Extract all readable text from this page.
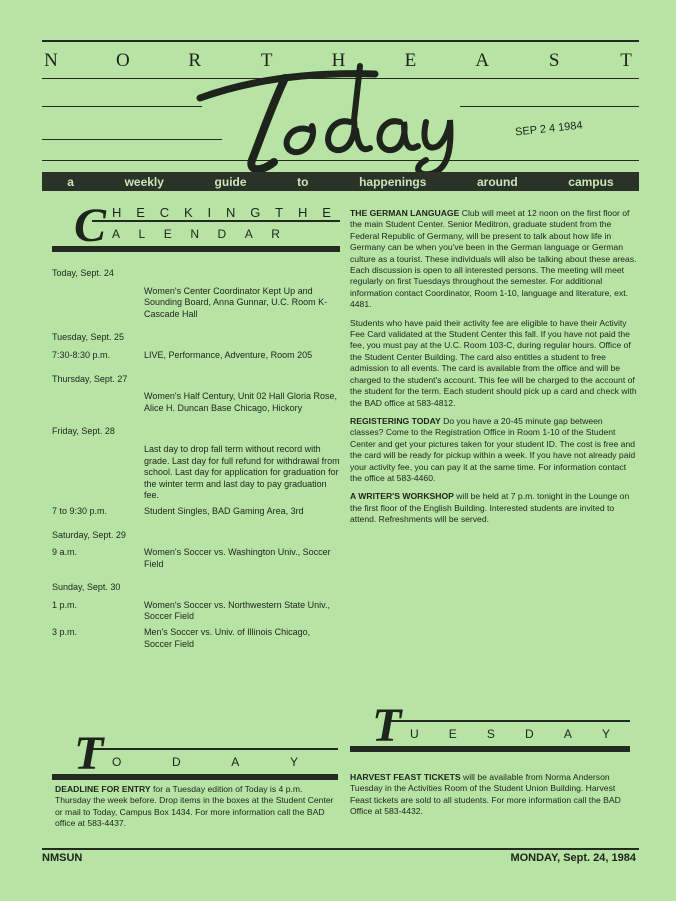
N	O	R	T	H	E	A	S	T
SEP 2 4 1984
a	weekly	guide	to	happenings	around	campus
C H E C K I N G T H E
A L E N D A R
Today, Sept. 24
Women's Center Coordinator Kept Up and Sounding Board, Anna Gunnar, U.C. Room K-Cascade Hall
Tuesday, Sept. 25
7:30-8:30 p.m.	LIVE, Performance, Adventure, Room 205
Thursday, Sept. 27
Women's Half Century, Unit 02 Hall Gloria Rose, Alice H. Duncan Base Chicago, Hickory
Friday, Sept. 28
Last day to drop fall term without record with grade. Last day for full refund for withdrawal from school. Last day for application for graduation for the winter term and last day to pay graduation fee.
7 to 9:30 p.m.	Student Singles, BAD Gaming Area, 3rd
Saturday, Sept. 29
9 a.m.	Women's Soccer vs. Washington Univ., Soccer Field
Sunday, Sept. 30
1 p.m.	Women's Soccer vs. Northwestern State Univ., Soccer Field
3 p.m.	Men's Soccer vs. Univ. of Illinois Chicago, Soccer Field
T O	D	A	Y
DEADLINE FOR ENTRY for a Tuesday edition of Today is 4 p.m. Thursday the week before. Drop items in the boxes at the Student Center or mail to Today, Campus Box 1434. For more information call the BAD office at 583-4437.

THE GERMAN LANGUAGE Club will meet at 12 noon on the first floor of the main Student Center. Senior Meditron, graduate student from the Federal Republic of Germany, will be present to talk about how life in Germany can be when you've been in the German language or German culture as a tourist. These individuals will also be talking about these areas. Each discussion is open to all interested persons. The meeting will meet regularly on first Tuesdays throughout the semester. For additional information contact Coordinator, Room 1-10, language and literature, ext. 4481.

Students who have paid their activity fee are eligible to have their Activity Fee Card validated at the Student Center this fall. If you have not paid the fee, you must pay at the U.C. Room 103-C, during regular hours. Office of the Student Center Building. The card also entitles a student to free admission to all events. The card is available from the office and will be charged to the student's account. This fee will be charged to the account of the student for the term. Each student should pick up a card and check with the BAD office at 583-4812.

REGISTERING TODAY Do you have a 20-45 minute gap between classes? Come to the Registration Office in Room 1-10 of the Student Center and get your pictures taken for your student ID. The cost is free and the card will be ready for pickup within a week. If you have not already paid your activity fee, you can pay it at the same time. For information contact the office at 583-4460.

A WRITER'S WORKSHOP will be held at 7 p.m. tonight in the Lounge on the first floor of the English Building. Interested students are invited to attend. Refreshments will be served.

T U	E	S	D	A	Y
HARVEST FEAST TICKETS will be available from Norma Anderson Tuesday in the Activities Room of the Student Union Building. Harvest Feast tickets are sold to all students. For more information call the BAD Office at 583-4432.
NMSUN	MONDAY, Sept. 24, 1984
